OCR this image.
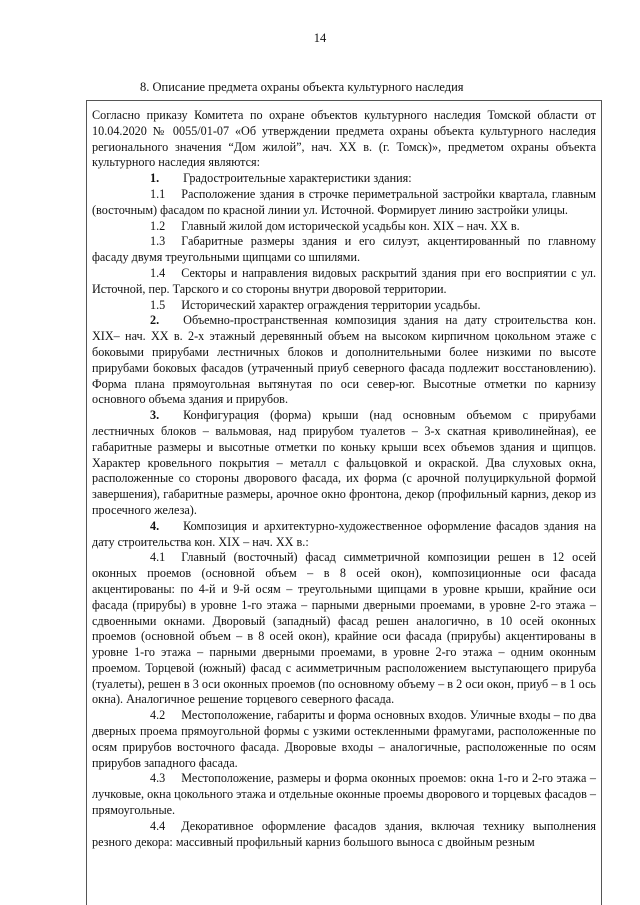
14
8. Описание предмета охраны объекта культурного наследия

Согласно приказу Комитета по охране объектов культурного наследия Томской области от 10.04.2020 № 0055/01-07 «Об утверждении предмета охраны объекта культурного наследия регионального значения “Дом жилой”, нач. XX в. (г. Томск)», предметом охраны объекта культурного наследия являются:

1. Градостроительные характеристики здания:

1.1 Расположение здания в строчке периметральной застройки квартала, главным (восточным) фасадом по красной линии ул. Источной. Формирует линию застройки улицы.

1.2 Главный жилой дом исторической усадьбы кон. XIX – нач. XX в.

1.3 Габаритные размеры здания и его силуэт, акцентированный по главному фасаду двумя треугольными щипцами со шпилями.

1.4 Секторы и направления видовых раскрытий здания при его восприятии с ул. Источной, пер. Тарского и со стороны внутри дворовой территории.

1.5 Исторический характер ограждения территории усадьбы.

2. Объемно-пространственная композиция здания на дату строительства кон. XIX– нач. XX в. 2-х этажный деревянный объем на высоком кирпичном цокольном этаже с боковыми прирубами лестничных блоков и дополнительными более низкими по высоте прирубами боковых фасадов (утраченный приуб северного фасада подлежит восстановлению). Форма плана прямоугольная вытянутая по оси север-юг. Высотные отметки по карнизу основного объема здания и прирубов.

3. Конфигурация (форма) крыши (над основным объемом с прирубами лестничных блоков – вальмовая, над прирубом туалетов – 3-х скатная криволинейная), ее габаритные размеры и высотные отметки по коньку крыши всех объемов здания и щипцов. Характер кровельного покрытия – металл с фальцовкой и окраской. Два слуховых окна, расположенные со стороны дворового фасада, их форма (с арочной полуциркульной формой завершения), габаритные размеры, арочное окно фронтона, декор (профильный карниз, декор из просечного железа).

4. Композиция и архитектурно-художественное оформление фасадов здания на дату строительства кон. XIX – нач. XX в.:

4.1 Главный (восточный) фасад симметричной композиции решен в 12 осей оконных проемов (основной объем – в 8 осей окон), композиционные оси фасада акцентированы: по 4-й и 9-й осям – треугольными щипцами в уровне крыши, крайние оси фасада (прирубы) в уровне 1-го этажа – парными дверными проемами, в уровне 2-го этажа – сдвоенными окнами. Дворовый (западный) фасад решен аналогично, в 10 осей оконных проемов (основной объем – в 8 осей окон), крайние оси фасада (прирубы) акцентированы в уровне 1-го этажа – парными дверными проемами, в уровне 2-го этажа – одним оконным проемом. Торцевой (южный) фасад с асимметричным расположением выступающего прируба (туалеты), решен в 3 оси оконных проемов (по основному объему – в 2 оси окон, приуб – в 1 ось окна). Аналогичное решение торцевого северного фасада.

4.2 Местоположение, габариты и форма основных входов. Уличные входы – по два дверных проема прямоугольной формы с узкими остекленными фрамугами, расположенные по осям прирубов восточного фасада. Дворовые входы – аналогичные, расположенные по осям прирубов западного фасада.

4.3 Местоположение, размеры и форма оконных проемов: окна 1-го и 2-го этажа – лучковые, окна цокольного этажа и отдельные оконные проемы дворового и торцевых фасадов – прямоугольные.

4.4 Декоративное оформление фасадов здания, включая технику выполнения резного декора: массивный профильный карниз большого выноса с двойным резным
